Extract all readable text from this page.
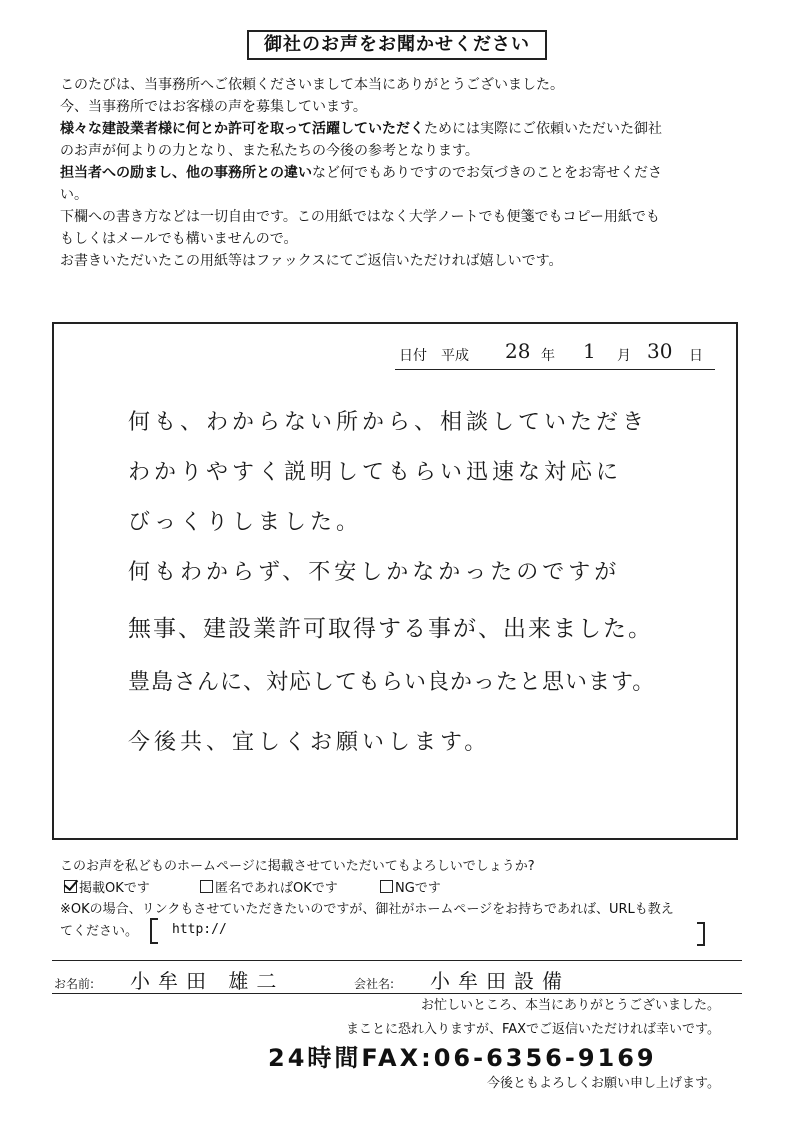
御社のお声をお聞かせください

このたびは、当事務所へご依頼くださいまして本当にありがとうございました。

今、当事務所ではお客様の声を募集しています。

様々な建設業者様に何とか許可を取って活躍していただくためには実際にご依頼いただいた御社

のお声が何よりの力となり、また私たちの今後の参考となります。

担当者への励まし、他の事務所との違いなど何でもありですのでお気づきのことをお寄せくださ

い。

下欄への書き方などは一切自由です。この用紙ではなく大学ノートでも便箋でもコピー用紙でも

もしくはメールでも構いませんので。

お書きいただいたこの用紙等はファックスにてご返信いただければ嬉しいです。

日付 平成 28 年 1 月 30 日
何も、わからない所から、相談していただき
わかりやすく説明してもらい迅速な対応に
びっくりしました。
何もわからず、不安しかなかったのですが
無事、建設業許可取得する事が、出来ました。
豊島さんに、対応してもらい良かったと思います。
今後共、宜しくお願いします。
このお声を私どものホームページに掲載させていただいてもよろしいでしょうか?
掲載OKです	匿名であればOKです	NGです
※OKの場合、リンクもさせていただきたいのですが、御社がホームページをお持ちであれば、URLも教え
てください。	http://
お名前: 小牟田 雄二	会社名: 小牟田設備
お忙しいところ、本当にありがとうございました。
まことに恐れ入りますが、FAXでご返信いただければ幸いです。
24時間FAX:06-6356-9169
今後ともよろしくお願い申し上げます。
